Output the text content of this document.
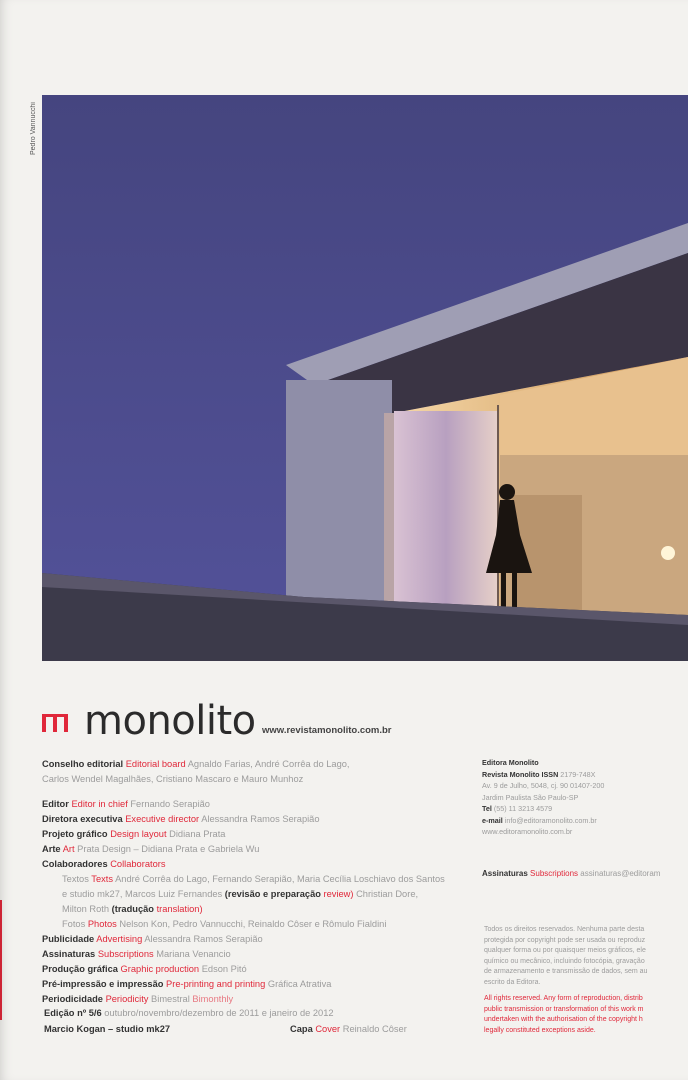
Pedro Vannucchi
monolito www.revistamonolito.com.br
Conselho editorial Editorial board Agnaldo Farias, André Corrêa do Lago,
Carlos Wendel Magalhães, Cristiano Mascaro e Mauro Munhoz
Editor Editor in chief Fernando Serapião
Diretora executiva Executive director Alessandra Ramos Serapião
Projeto gráfico Design layout Didiana Prata
Arte Art Prata Design – Didiana Prata e Gabriela Wu
Colaboradores Collaborators
Textos Texts André Corrêa do Lago, Fernando Serapião, Maria Cecília Loschiavo dos Santos
e studio mk27, Marcos Luiz Fernandes (revisão e preparação review) Christian Dore,
Milton Roth (tradução translation)
Fotos Photos Nelson Kon, Pedro Vannucchi, Reinaldo Côser e Rômulo Fialdini
Publicidade Advertising Alessandra Ramos Serapião
Assinaturas Subscriptions Mariana Venancio
Produção gráfica Graphic production Edson Pitó
Pré-impressão e impressão Pre-printing and printing Gráfica Atrativa
Periodicidade Periodicity Bimestral Bimonthly
Edição nº 5/6 outubro/novembro/dezembro de 2011 e janeiro de 2012
Marcio Kogan – studio mk27	Capa Cover Reinaldo Côser
Editora Monolito
Revista Monolito ISSN 2179-748X
Av. 9 de Julho, 5048, cj. 90 01407-200
Jardim Paulista São Paulo-SP
Tel (55) 11 3213 4579
e-mail info@editoramonolito.com.br
www.editoramonolito.com.br
Assinaturas Subscriptions assinaturas@editoram
Todos os direitos reservados. Nenhuma parte desta
protegida por copyright pode ser usada ou reproduz
qualquer forma ou por quaisquer meios gráficos, ele
químico ou mecânico, incluindo fotocópia, gravação
de armazenamento e transmissão de dados, sem au
escrito da Editora.
All rights reserved. Any form of reproduction, distrib
public transmission or transformation of this work m
undertaken with the authorisation of the copyright h
legally constituted exceptions aside.
